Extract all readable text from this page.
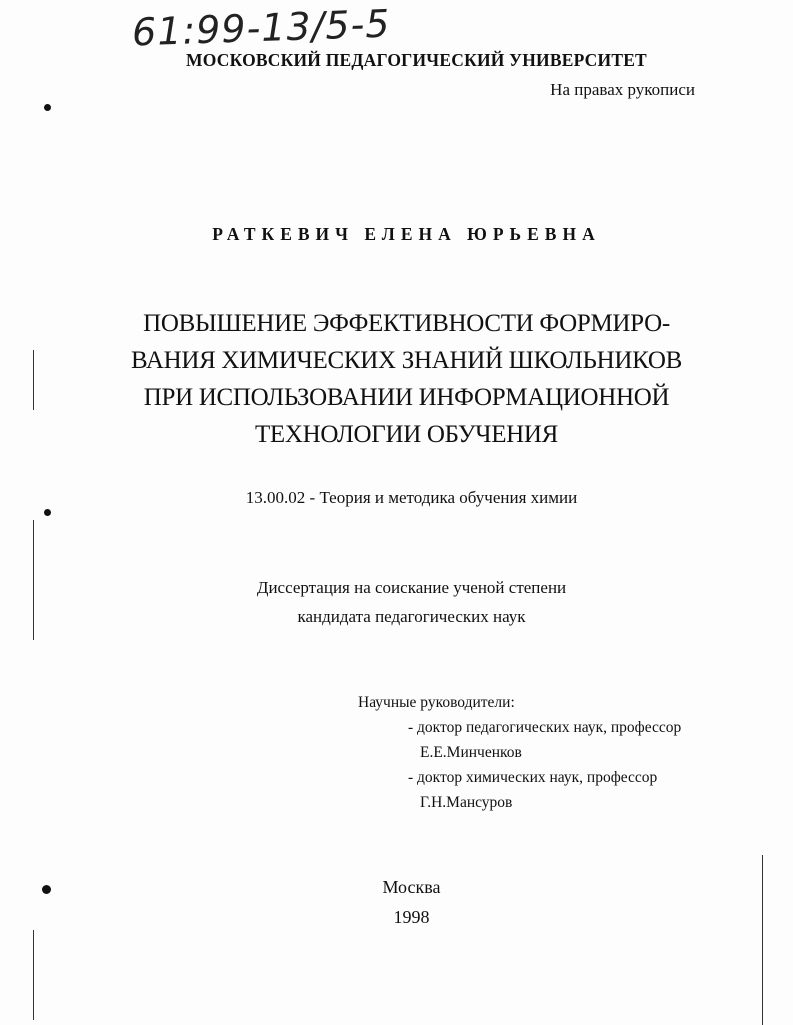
61:99-13/5-5
МОСКОВСКИЙ ПЕДАГОГИЧЕСКИЙ УНИВЕРСИТЕТ
На правах рукописи
РАТКЕВИЧ ЕЛЕНА ЮРЬЕВНА
ПОВЫШЕНИЕ ЭФФЕКТИВНОСТИ ФОРМИРО-
ВАНИЯ ХИМИЧЕСКИХ ЗНАНИЙ ШКОЛЬНИКОВ
ПРИ ИСПОЛЬЗОВАНИИ ИНФОРМАЦИОННОЙ
ТЕХНОЛОГИИ ОБУЧЕНИЯ
13.00.02 - Теория и методика обучения химии
Диссертация на соискание ученой степени
кандидата педагогических наук
Научные руководители:
- доктор педагогических наук, профессор
Е.Е.Минченков
- доктор химических наук, профессор
Г.Н.Мансуров
Москва
1998
